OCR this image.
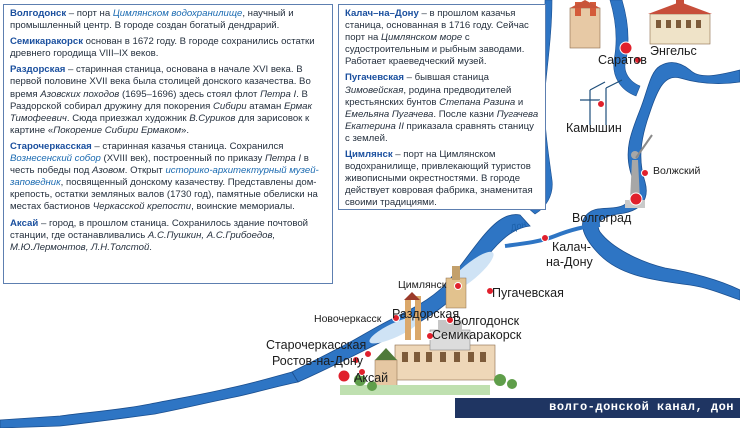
Дон
Саратов
Энгельс
Камышин
Волжский
Волгоград
Калач-
на-Дону
Цимлянск
Пугачевская
Новочеркасск Раздорская
Волгодонск
Семикаракорск
Старочеркасская
Ростов-на-Дону
Аксай

Волгодонск – порт на Цимлянском водохранилище, научный и промышленный центр. В городе создан богатый дендрарий.

Семикаракорск основан в 1672 году. В городе сохранились остатки древнего городища VIII–IX веков.

Раздорская – старинная станица, основана в начале XVI века. В первой половине XVII века была столицей донского казачества. Во время Азовских походов (1695–1696) здесь стоял флот Петра I. В Раздорской собирал дружину для покорения Сибири атаман Ермак Тимофеевич. Сюда приезжал художник В.Суриков для зарисовок к картине «Покорение Сибири Ермаком».

Старочеркасская – старинная казачья станица. Сохранился Вознесенский собор (XVIII век), построенный по приказу Петра I в честь победы под Азовом. Открыт историко-архитектурный музей-заповедник, посвященный донскому казачеству. Представлены дом-крепость, остатки земляных валов (1730 год), памятные обелиски на местах бастионов Черкасской крепости, воинские мемориалы.

Аксай – город, в прошлом станица. Сохранилось здание почтовой станции, где останавливались А.С.Пушкин, А.С.Грибоедов, М.Ю.Лермонтов, Л.Н.Толстой.

Калач–на–Дону – в прошлом казачья станица, основанная в 1716 году. Сейчас порт на Цимлянском море с судостроительным и рыбным заводами. Работает краеведческий музей.

Пугачевская – бывшая станица Зимовейская, родина предводителей крестьянских бунтов Степана Разина и Емельяна Пугачева. После казни Пугачева Екатерина II приказала сравнять станицу с землей.

Цимлянск – порт на Цимлянском водохранилище, привлекающий туристов живописными окрестностями. В городе действует ковровая фабрика, знаменитая своими традициями.

волго-донской канал, дон
